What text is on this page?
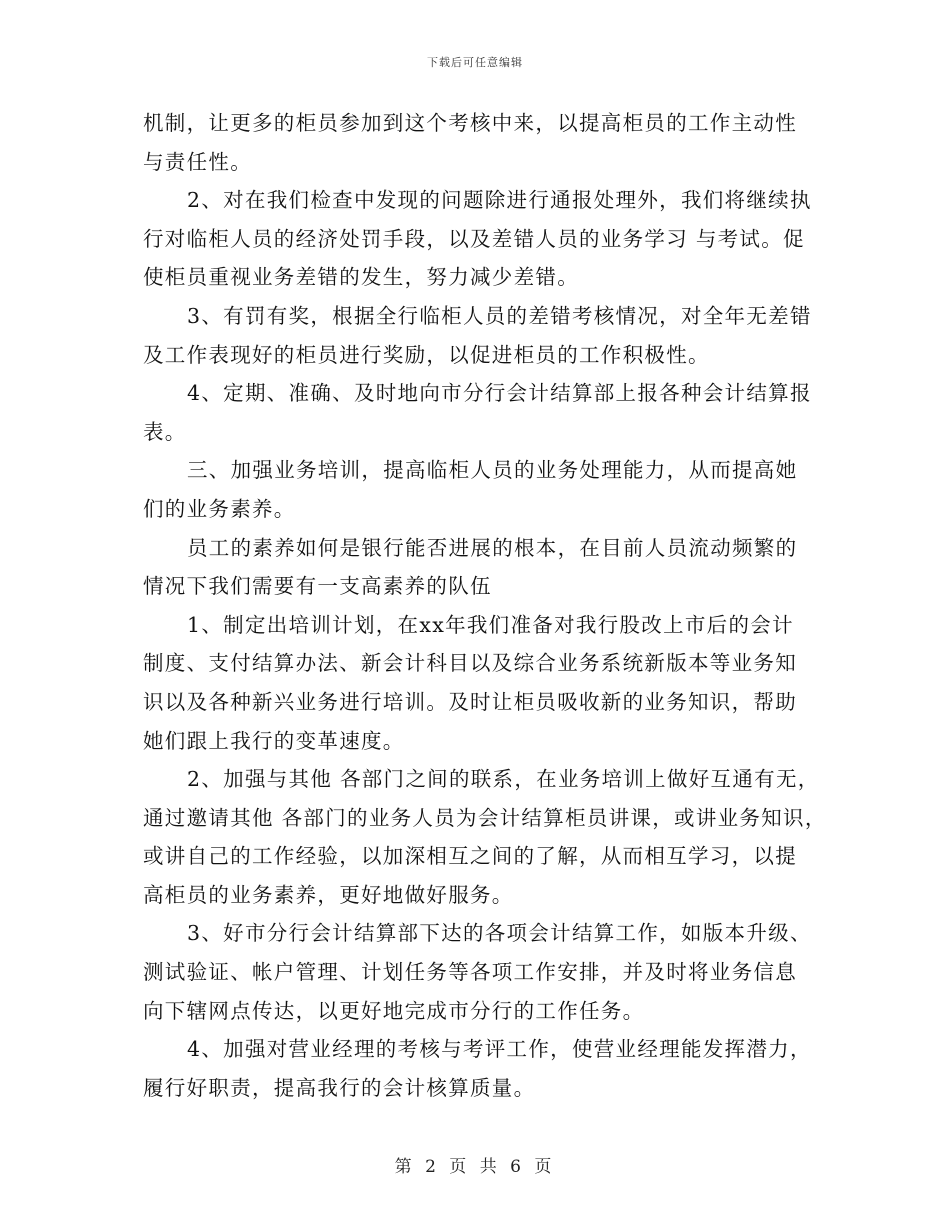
下载后可任意编辑

机制，让更多的柜员参加到这个考核中来，以提高柜员的工作主动性
与责任性。

2、对在我们检查中发现的问题除进行通报处理外，我们将继续执
行对临柜人员的经济处罚手段，以及差错人员的业务学习 与考试。促
使柜员重视业务差错的发生，努力减少差错。

3、有罚有奖，根据全行临柜人员的差错考核情况，对全年无差错
及工作表现好的柜员进行奖励，以促进柜员的工作积极性。

4、定期、准确、及时地向市分行会计结算部上报各种会计结算报
表。

三、加强业务培训，提高临柜人员的业务处理能力，从而提高她
们的业务素养。

员工的素养如何是银行能否进展的根本，在目前人员流动频繁的
情况下我们需要有一支高素养的队伍

1、制定出培训计划，在xx年我们准备对我行股改上市后的会计
制度、支付结算办法、新会计科目以及综合业务系统新版本等业务知
识以及各种新兴业务进行培训。及时让柜员吸收新的业务知识，帮助
她们跟上我行的变革速度。

2、加强与其他 各部门之间的联系，在业务培训上做好互通有无，
通过邀请其他 各部门的业务人员为会计结算柜员讲课，或讲业务知识，
或讲自己的工作经验，以加深相互之间的了解，从而相互学习，以提
高柜员的业务素养，更好地做好服务。

3、好市分行会计结算部下达的各项会计结算工作，如版本升级、
测试验证、帐户管理、计划任务等各项工作安排，并及时将业务信息
向下辖网点传达，以更好地完成市分行的工作任务。

4、加强对营业经理的考核与考评工作，使营业经理能发挥潜力，
履行好职责，提高我行的会计核算质量。

第 2 页 共 6 页
